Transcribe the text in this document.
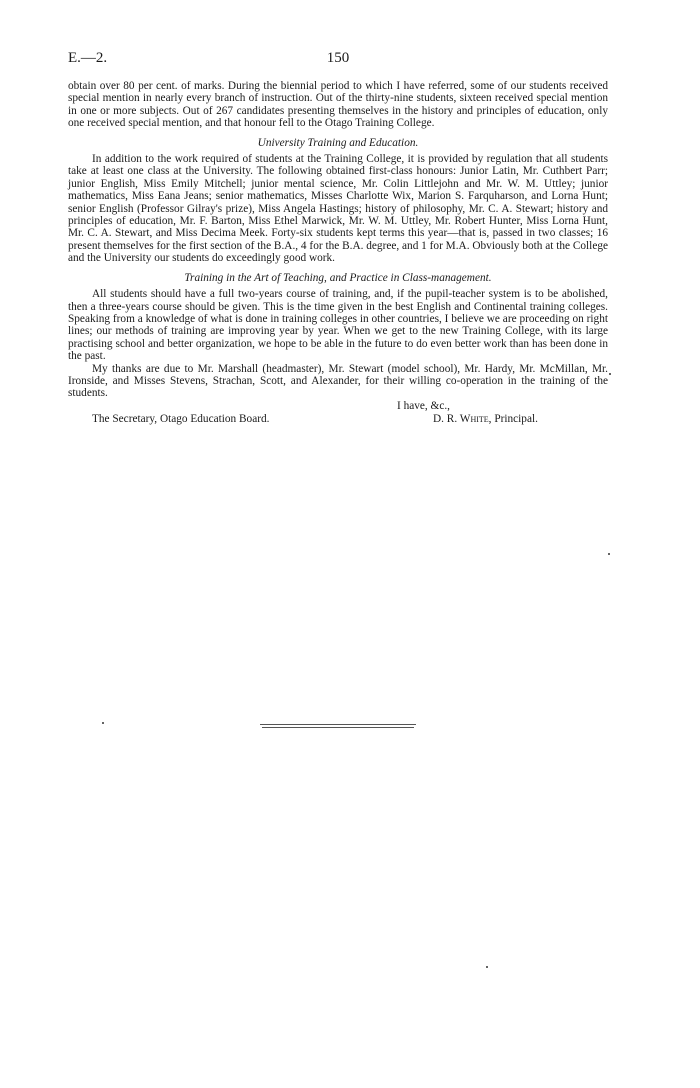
E.—2.	150

obtain over 80 per cent. of marks. During the biennial period to which I have referred, some of our students received special mention in nearly every branch of instruction. Out of the thirty-nine students, sixteen received special mention in one or more subjects. Out of 267 candidates presenting themselves in the history and principles of education, only one received special mention, and that honour fell to the Otago Training College.

University Training and Education.

In addition to the work required of students at the Training College, it is provided by regulation that all students take at least one class at the University. The following obtained first-class honours: Junior Latin, Mr. Cuthbert Parr; junior English, Miss Emily Mitchell; junior mental science, Mr. Colin Littlejohn and Mr. W. M. Uttley; junior mathematics, Miss Eana Jeans; senior mathematics, Misses Charlotte Wix, Marion S. Farquharson, and Lorna Hunt; senior English (Professor Gilray's prize), Miss Angela Hastings; history of philosophy, Mr. C. A. Stewart; history and principles of education, Mr. F. Barton, Miss Ethel Marwick, Mr. W. M. Uttley, Mr. Robert Hunter, Miss Lorna Hunt, Mr. C. A. Stewart, and Miss Decima Meek. Forty-six students kept terms this year—that is, passed in two classes; 16 present themselves for the first section of the B.A., 4 for the B.A. degree, and 1 for M.A. Obviously both at the College and the University our students do exceedingly good work.

Training in the Art of Teaching, and Practice in Class-management.

All students should have a full two-years course of training, and, if the pupil-teacher system is to be abolished, then a three-years course should be given. This is the time given in the best English and Continental training colleges. Speaking from a knowledge of what is done in training colleges in other countries, I believe we are proceeding on right lines; our methods of training are improving year by year. When we get to the new Training College, with its large practising school and better organization, we hope to be able in the future to do even better work than has been done in the past.

My thanks are due to Mr. Marshall (headmaster), Mr. Stewart (model school), Mr. Hardy, Mr. McMillan, Mr. Ironside, and Misses Stevens, Strachan, Scott, and Alexander, for their willing co-operation in the training of the students.

I have, &c.,
The Secretary, Otago Education Board.	D. R. White, Principal.
